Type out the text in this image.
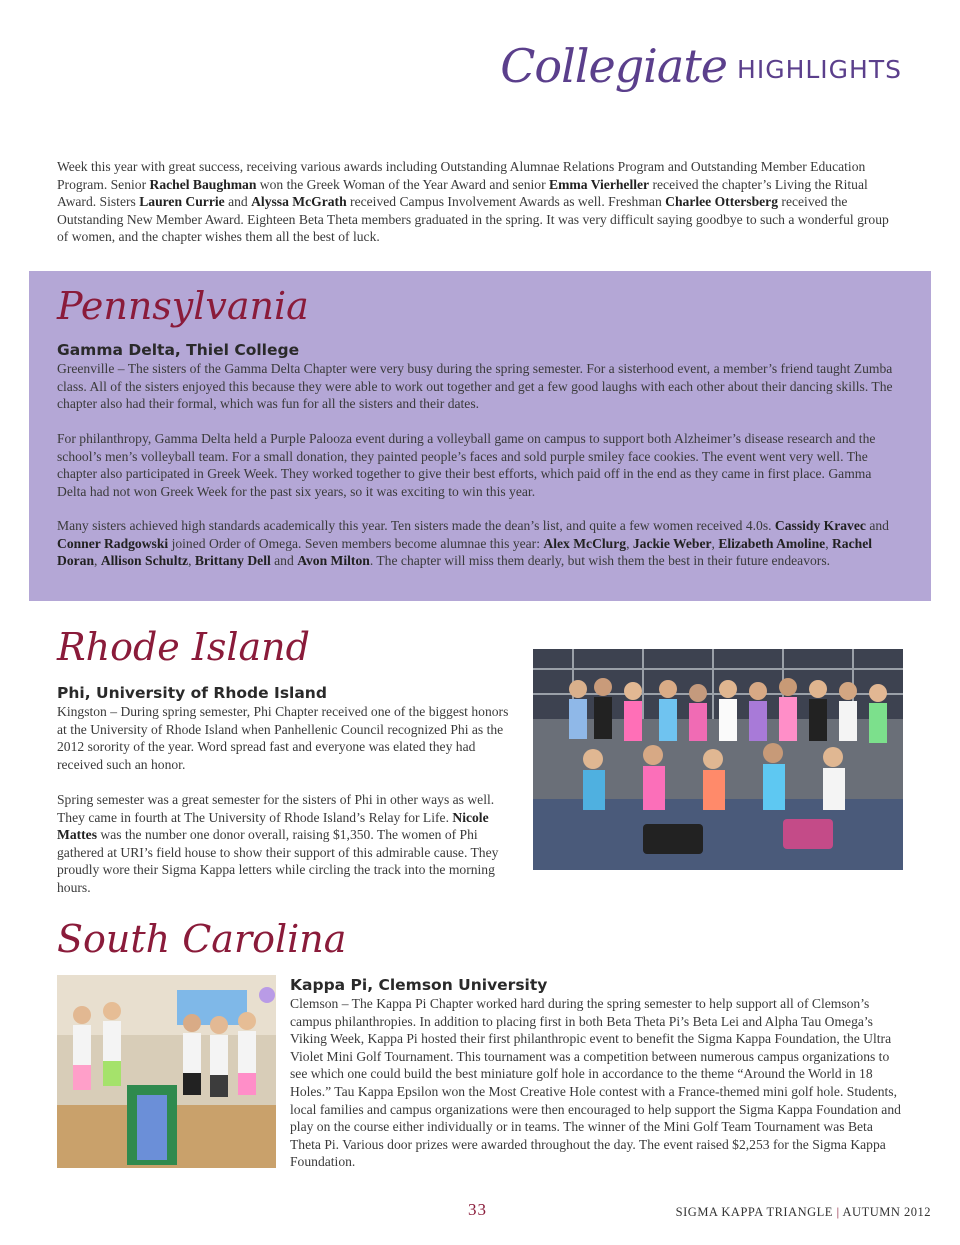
Collegiate HIGHLIGHTS

Week this year with great success, receiving various awards including Outstanding Alumnae Relations Program and Outstanding Member Education Program. Senior Rachel Baughman won the Greek Woman of the Year Award and senior Emma Vierheller received the chapter’s Living the Ritual Award. Sisters Lauren Currie and Alyssa McGrath received Campus Involvement Awards as well. Freshman Charlee Ottersberg received the Outstanding New Member Award. Eighteen Beta Theta members graduated in the spring. It was very difficult saying goodbye to such a wonderful group of women, and the chapter wishes them all the best of luck.

Pennsylvania
Gamma Delta, Thiel College

Greenville – The sisters of the Gamma Delta Chapter were very busy during the spring semester. For a sisterhood event, a member’s friend taught Zumba class. All of the sisters enjoyed this because they were able to work out together and get a few good laughs with each other about their dancing skills. The chapter also had their formal, which was fun for all the sisters and their dates.

For philanthropy, Gamma Delta held a Purple Palooza event during a volleyball game on campus to support both Alzheimer’s disease research and the school’s men’s volleyball team. For a small donation, they painted people’s faces and sold purple smiley face cookies. The event went very well. The chapter also participated in Greek Week. They worked together to give their best efforts, which paid off in the end as they came in first place. Gamma Delta had not won Greek Week for the past six years, so it was exciting to win this year.

Many sisters achieved high standards academically this year. Ten sisters made the dean’s list, and quite a few women received 4.0s. Cassidy Kravec and Conner Radgowski joined Order of Omega. Seven members become alumnae this year: Alex McClurg, Jackie Weber, Elizabeth Amoline, Rachel Doran, Allison Schultz, Brittany Dell and Avon Milton. The chapter will miss them dearly, but wish them the best in their future endeavors.

Rhode Island
Phi, University of Rhode Island

Kingston – During spring semester, Phi Chapter received one of the biggest honors at the University of Rhode Island when Panhellenic Council recognized Phi as the 2012 sorority of the year. Word spread fast and everyone was elated they had received such an honor.

Spring semester was a great semester for the sisters of Phi in other ways as well. They came in fourth at The University of Rhode Island’s Relay for Life. Nicole Mattes was the number one donor overall, raising $1,350. The women of Phi gathered at URI’s field house to show their support of this admirable cause. They proudly wore their Sigma Kappa letters while circling the track into the morning hours.

South Carolina
Kappa Pi, Clemson University

Clemson – The Kappa Pi Chapter worked hard during the spring semester to help support all of Clemson’s campus philanthropies. In addition to placing first in both Beta Theta Pi’s Beta Lei and Alpha Tau Omega’s Viking Week, Kappa Pi hosted their first philanthropic event to benefit the Sigma Kappa Foundation, the Ultra Violet Mini Golf Tournament. This tournament was a competition between numerous campus organizations to see which one could build the best miniature golf hole in accordance to the theme “Around the World in 18 Holes.” Tau Kappa Epsilon won the Most Creative Hole contest with a France-themed mini golf hole. Students, local families and campus organizations were then encouraged to help support the Sigma Kappa Foundation and play on the course either individually or in teams. The winner of the Mini Golf Team Tournament was Beta Theta Pi. Various door prizes were awarded throughout the day. The event raised $2,253 for the Sigma Kappa Foundation.

33	SIGMA KAPPA TRIANGLE | AUTUMN 2012
